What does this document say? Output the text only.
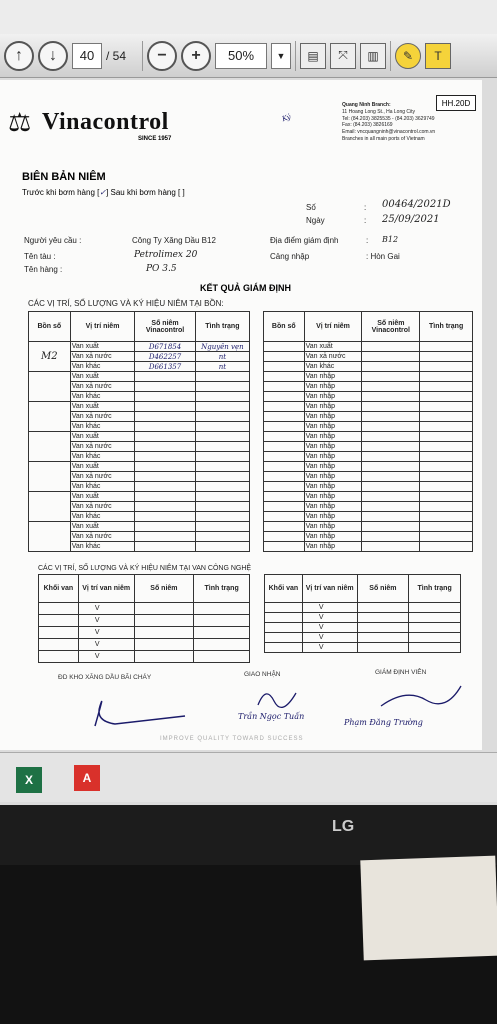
↑	↓	40 / 54	−	+	50%	▼	▤	⤧	▥	✎	T
HH.20D
⚖ Vinacontrol
SINCE 1957
Ký
Quang Ninh Branch:
11 Hoang Long St., Ha Long City
Tel: (84.203) 3825535 - (84.203) 3629749
Fax: (84.203) 3826169
Email: vncquangninh@vinacontrol.com.vn
Branches in all main ports of Vietnam
BIÊN BẢN NIÊM
Trước khi bơm hàng [✓] Sau khi bơm hàng [ ]
Số	: 00464/2021D
Ngày	: 25/09/2021
Người yêu cầu :	Công Ty Xăng Dầu B12	Địa điểm giám định	: B12
Tên tàu :	Petrolimex 20	Cảng nhập	: Hòn Gai
Tên hàng :	PO 3.5
KẾT QUẢ GIÁM ĐỊNH
CÁC VỊ TRÍ, SỐ LƯỢNG VÀ KÝ HIỆU NIÊM TẠI BỒN:
Bồn số	Vị trí niêm	Số niêm Vinacontrol	Tình trạng
M2	Van xuất	D671854	Nguyên vẹn
	Van xả nước	D462257	nt
	Van khác	D661357	nt
	Van xuất		
	Van xả nước		
	Van khác		
	Van xuất		
	Van xả nước		
	Van khác		
	Van xuất		
	Van xả nước		
	Van khác		
	Van xuất		
	Van xả nước		
	Van khác		
	Van xuất		
	Van xả nước		
	Van khác		
	Van xuất		
	Van xả nước		
	Van khác		
Bồn số	Vị trí niêm	Số niêm Vinacontrol	Tình trạng
	Van xuất		
	Van xả nước		
	Van khác		
	Van nhập		
	Van nhập		
	Van nhập		
	Van nhập		
	Van nhập		
	Van nhập		
	Van nhập		
	Van nhập		
	Van nhập		
	Van nhập		
	Van nhập		
	Van nhập		
	Van nhập		
	Van nhập		
	Van nhập		
	Van nhập		
	Van nhập		
	Van nhập		
CÁC VỊ TRÍ, SỐ LƯỢNG VÀ KÝ HIỆU NIÊM TẠI VAN CÔNG NGHỆ
Khối van	Vị trí van niêm	Số niêm	Tình trạng
	V		
	V		
	V		
	V		
	V		
Khối van	Vị trí van niêm	Số niêm	Tình trạng
	V		
	V		
	V		
	V		
	V		
ĐD KHO XĂNG DẦU BÃI CHÁY	GIAO NHẬN	GIÁM ĐỊNH VIÊN
Trần Ngọc Tuấn
Phạm Đăng Trường
IMPROVE QUALITY TOWARD SUCCESS
X	A
LG
